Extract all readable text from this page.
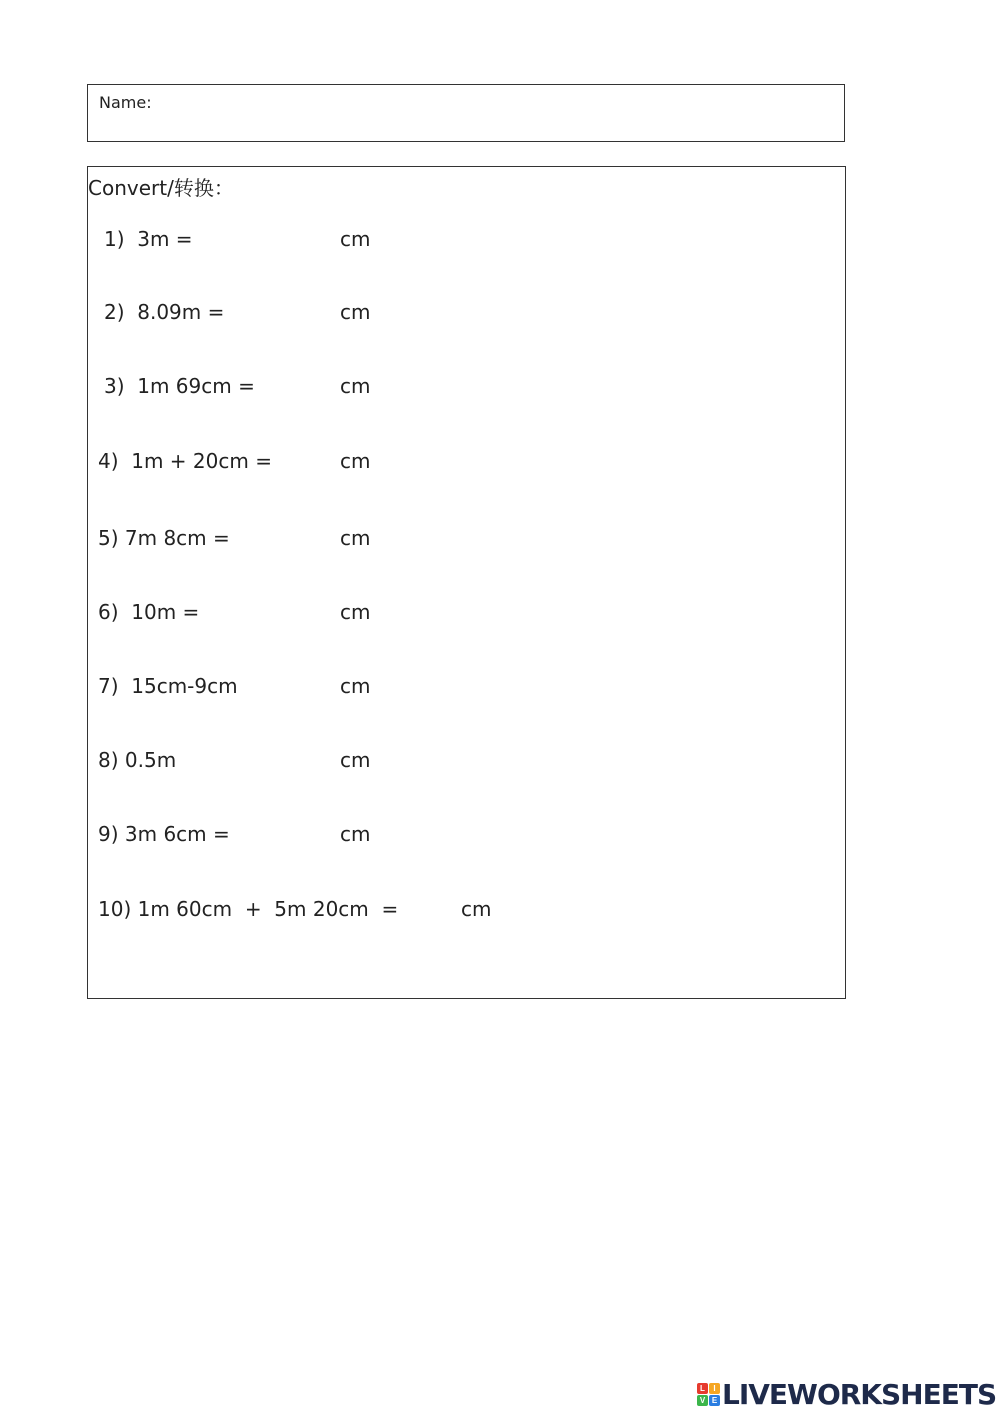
Name:
Convert/转换：
1)  3m =	cm
2)  8.09m =	cm
3)  1m 69cm =	cm
4)  1m + 20cm =	cm
5) 7m 8cm =	cm
6)  10m =	cm
7)  15cm-9cm	cm
8) 0.5m	cm
9) 3m 6cm =	cm
10) 1m 60cm  +  5m 20cm  =	cm
L	I
V E LIVEWORKSHEETS
